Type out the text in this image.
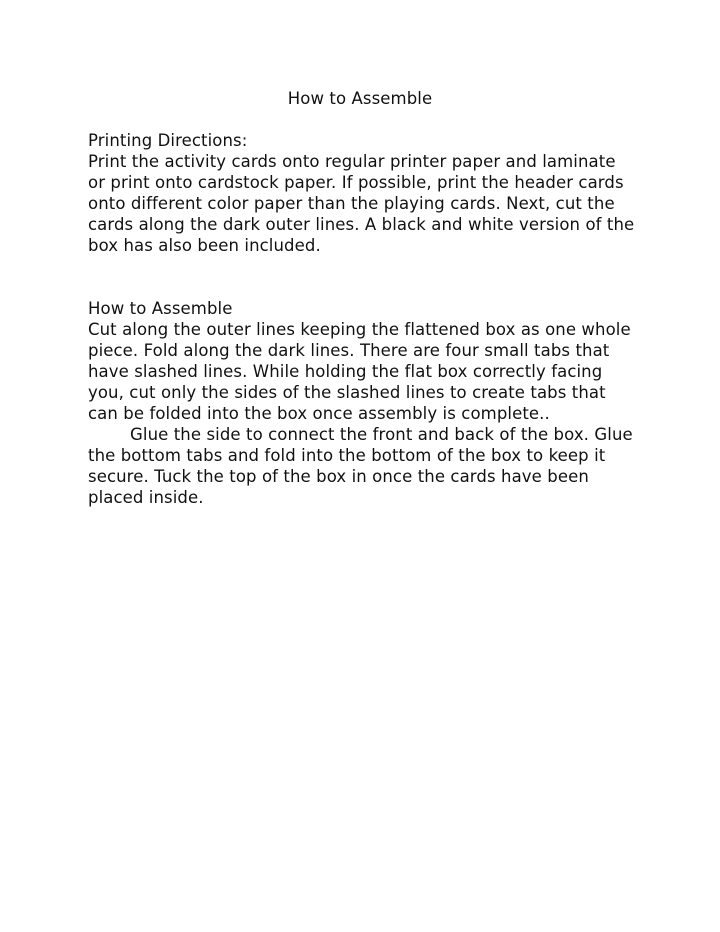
How to Assemble

Printing Directions:

Print the activity cards onto regular printer paper and laminate or print onto cardstock paper. If possible, print the header cards onto different color paper than the playing cards. Next, cut the cards along the dark outer lines. A black and white version of the box has also been included.

How to Assemble

Cut along the outer lines keeping the flattened box as one whole piece. Fold along the dark lines. There are four small tabs that have slashed lines. While holding the flat box correctly facing you, cut only the sides of the slashed lines to create tabs that can be folded into the box once assembly is complete..

Glue the side to connect the front and back of the box. Glue the bottom tabs and fold into the bottom of the box to keep it secure. Tuck the top of the box in once the cards have been placed inside.
